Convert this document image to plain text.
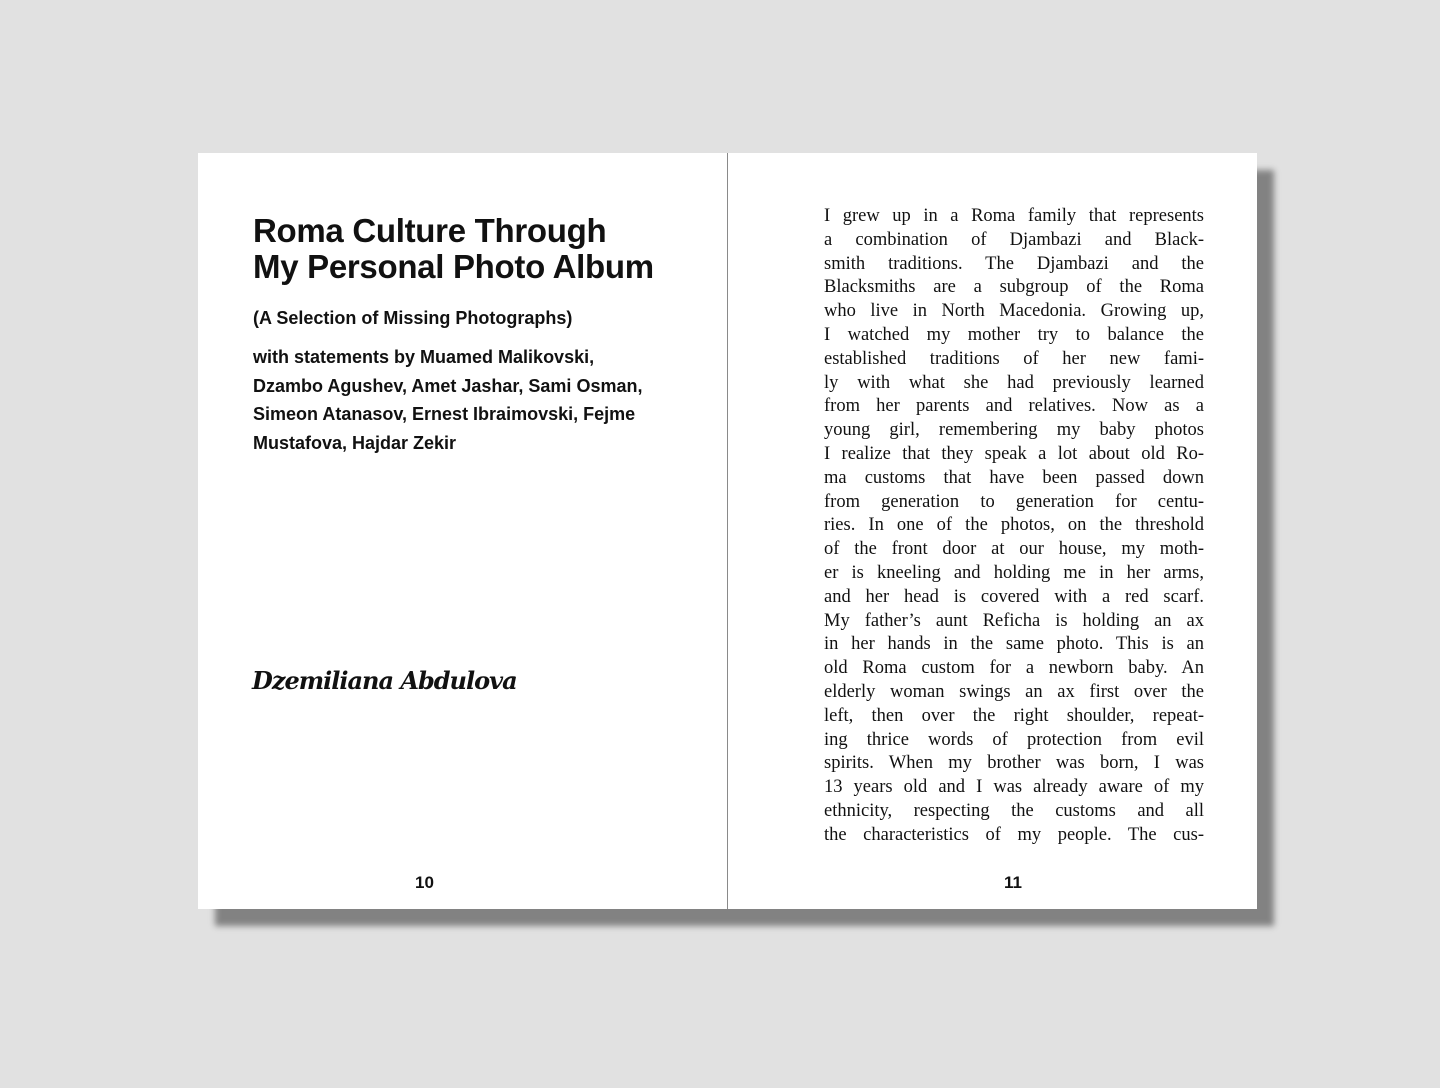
Roma Culture Through
My Personal Photo Album
(A Selection of Missing Photographs)
with statements by Muamed Malikovski,
Dzambo Agushev, Amet Jashar, Sami Osman,
Simeon Atanasov, Ernest Ibraimovski, Fejme
Mustafova, Hajdar Zekir
Dzemiliana Abdulova
10
I grew up in a Roma family that represents
a combination of Djambazi and Black-
smith traditions. The Djambazi and the
Blacksmiths are a subgroup of the Roma
who live in North Macedonia. Growing up,
I watched my mother try to balance the
established traditions of her new fami-
ly with what she had previously learned
from her parents and relatives. Now as a
young girl, remembering my baby photos
I realize that they speak a lot about old Ro-
ma customs that have been passed down
from generation to generation for centu-
ries. In one of the photos, on the threshold
of the front door at our house, my moth-
er is kneeling and holding me in her arms,
and her head is covered with a red scarf.
My father’s aunt Reficha is holding an ax
in her hands in the same photo. This is an
old Roma custom for a newborn baby. An
elderly woman swings an ax first over the
left, then over the right shoulder, repeat-
ing thrice words of protection from evil
spirits. When my brother was born, I was
13 years old and I was already aware of my
ethnicity, respecting the customs and all
the characteristics of my people. The cus-
11
